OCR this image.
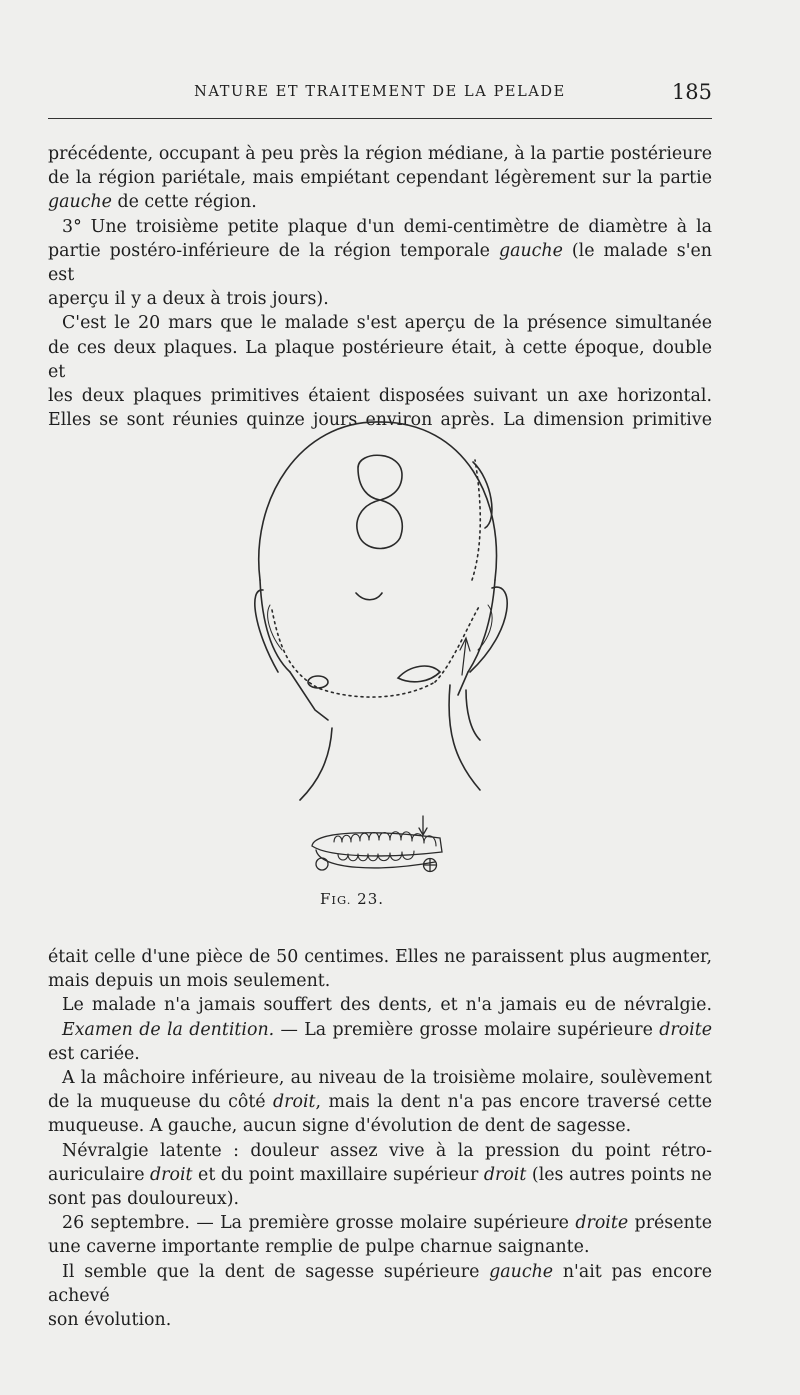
NATURE ET TRAITEMENT DE LA PELADE	185

précédente, occupant à peu près la région médiane, à la partie postérieure

de la région pariétale, mais empiétant cependant légèrement sur la partie

gauche de cette région.

3° Une troisième petite plaque d'un demi-centimètre de diamètre à la

partie postéro-inférieure de la région temporale gauche (le malade s'en est

aperçu il y a deux à trois jours).

C'est le 20 mars que le malade s'est aperçu de la présence simultanée

de ces deux plaques. La plaque postérieure était, à cette époque, double et

les deux plaques primitives étaient disposées suivant un axe horizontal.

Elles se sont réunies quinze jours environ après. La dimension primitive

FIG. 23.

était celle d'une pièce de 50 centimes. Elles ne paraissent plus augmenter,

mais depuis un mois seulement.

Le malade n'a jamais souffert des dents, et n'a jamais eu de névralgie.

Examen de la dentition. — La première grosse molaire supérieure droite

est cariée.

A la mâchoire inférieure, au niveau de la troisième molaire, soulèvement

de la muqueuse du côté droit, mais la dent n'a pas encore traversé cette

muqueuse. A gauche, aucun signe d'évolution de dent de sagesse.

Névralgie latente : douleur assez vive à la pression du point rétro-

auriculaire droit et du point maxillaire supérieur droit (les autres points ne

sont pas douloureux).

26 septembre. — La première grosse molaire supérieure droite présente

une caverne importante remplie de pulpe charnue saignante.

Il semble que la dent de sagesse supérieure gauche n'ait pas encore achevé

son évolution.
